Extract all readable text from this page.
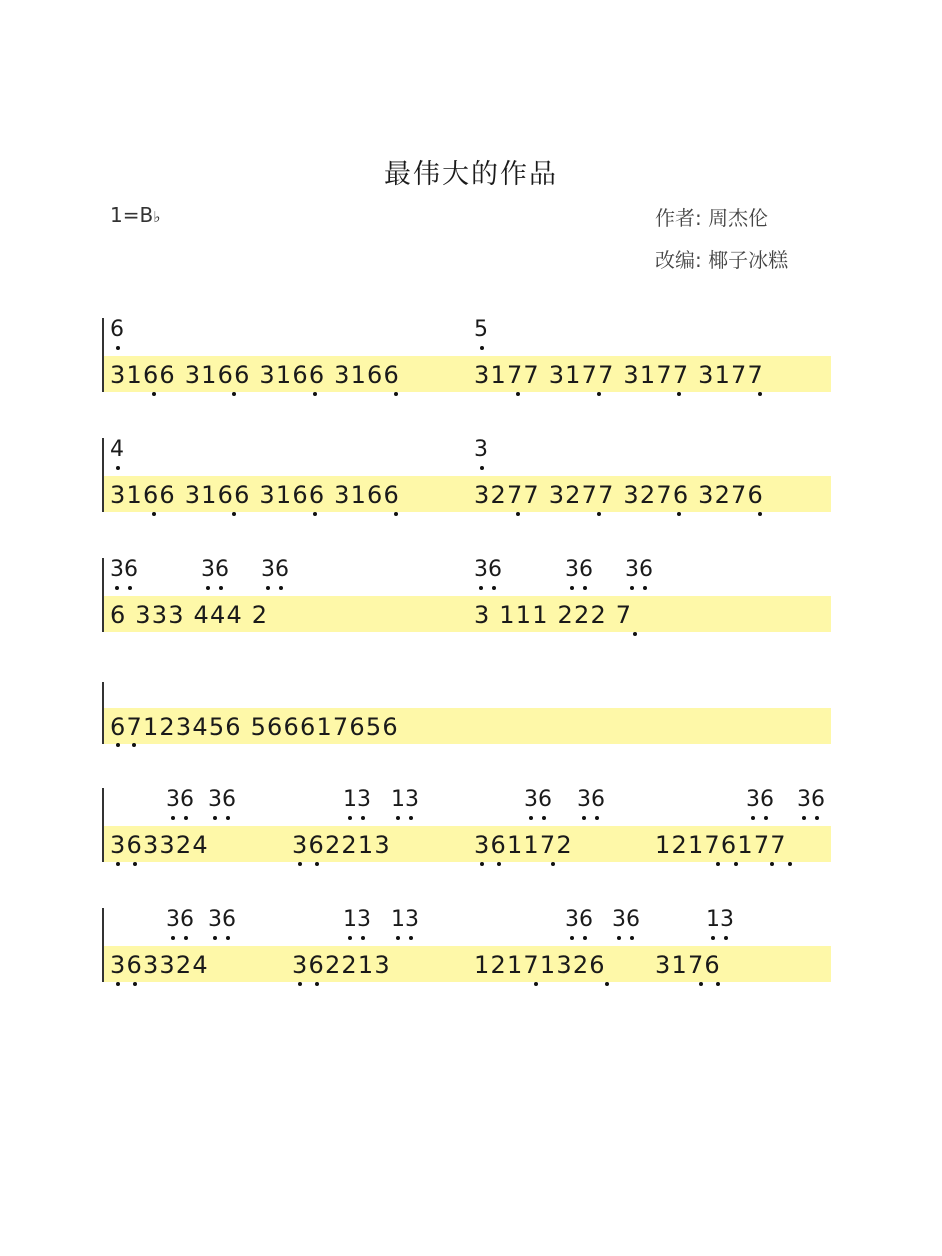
最伟大的作品
1=B♭	作者: 周杰伦
改编: 椰子冰糕
6	5
3166 3166 3166 3166	3177 3177 3177 3177
4	3
3166 3166 3166 3166	3277 3277 3276 3276
36	36 36	36	36 36
6 333 444 2	3 111 222 7
67123456 566617656
36 36	13 13	36 36	36 36
363324	362213	361172	12176177
36 36	13 13	36 36	13
363324	362213	12171326 3176
